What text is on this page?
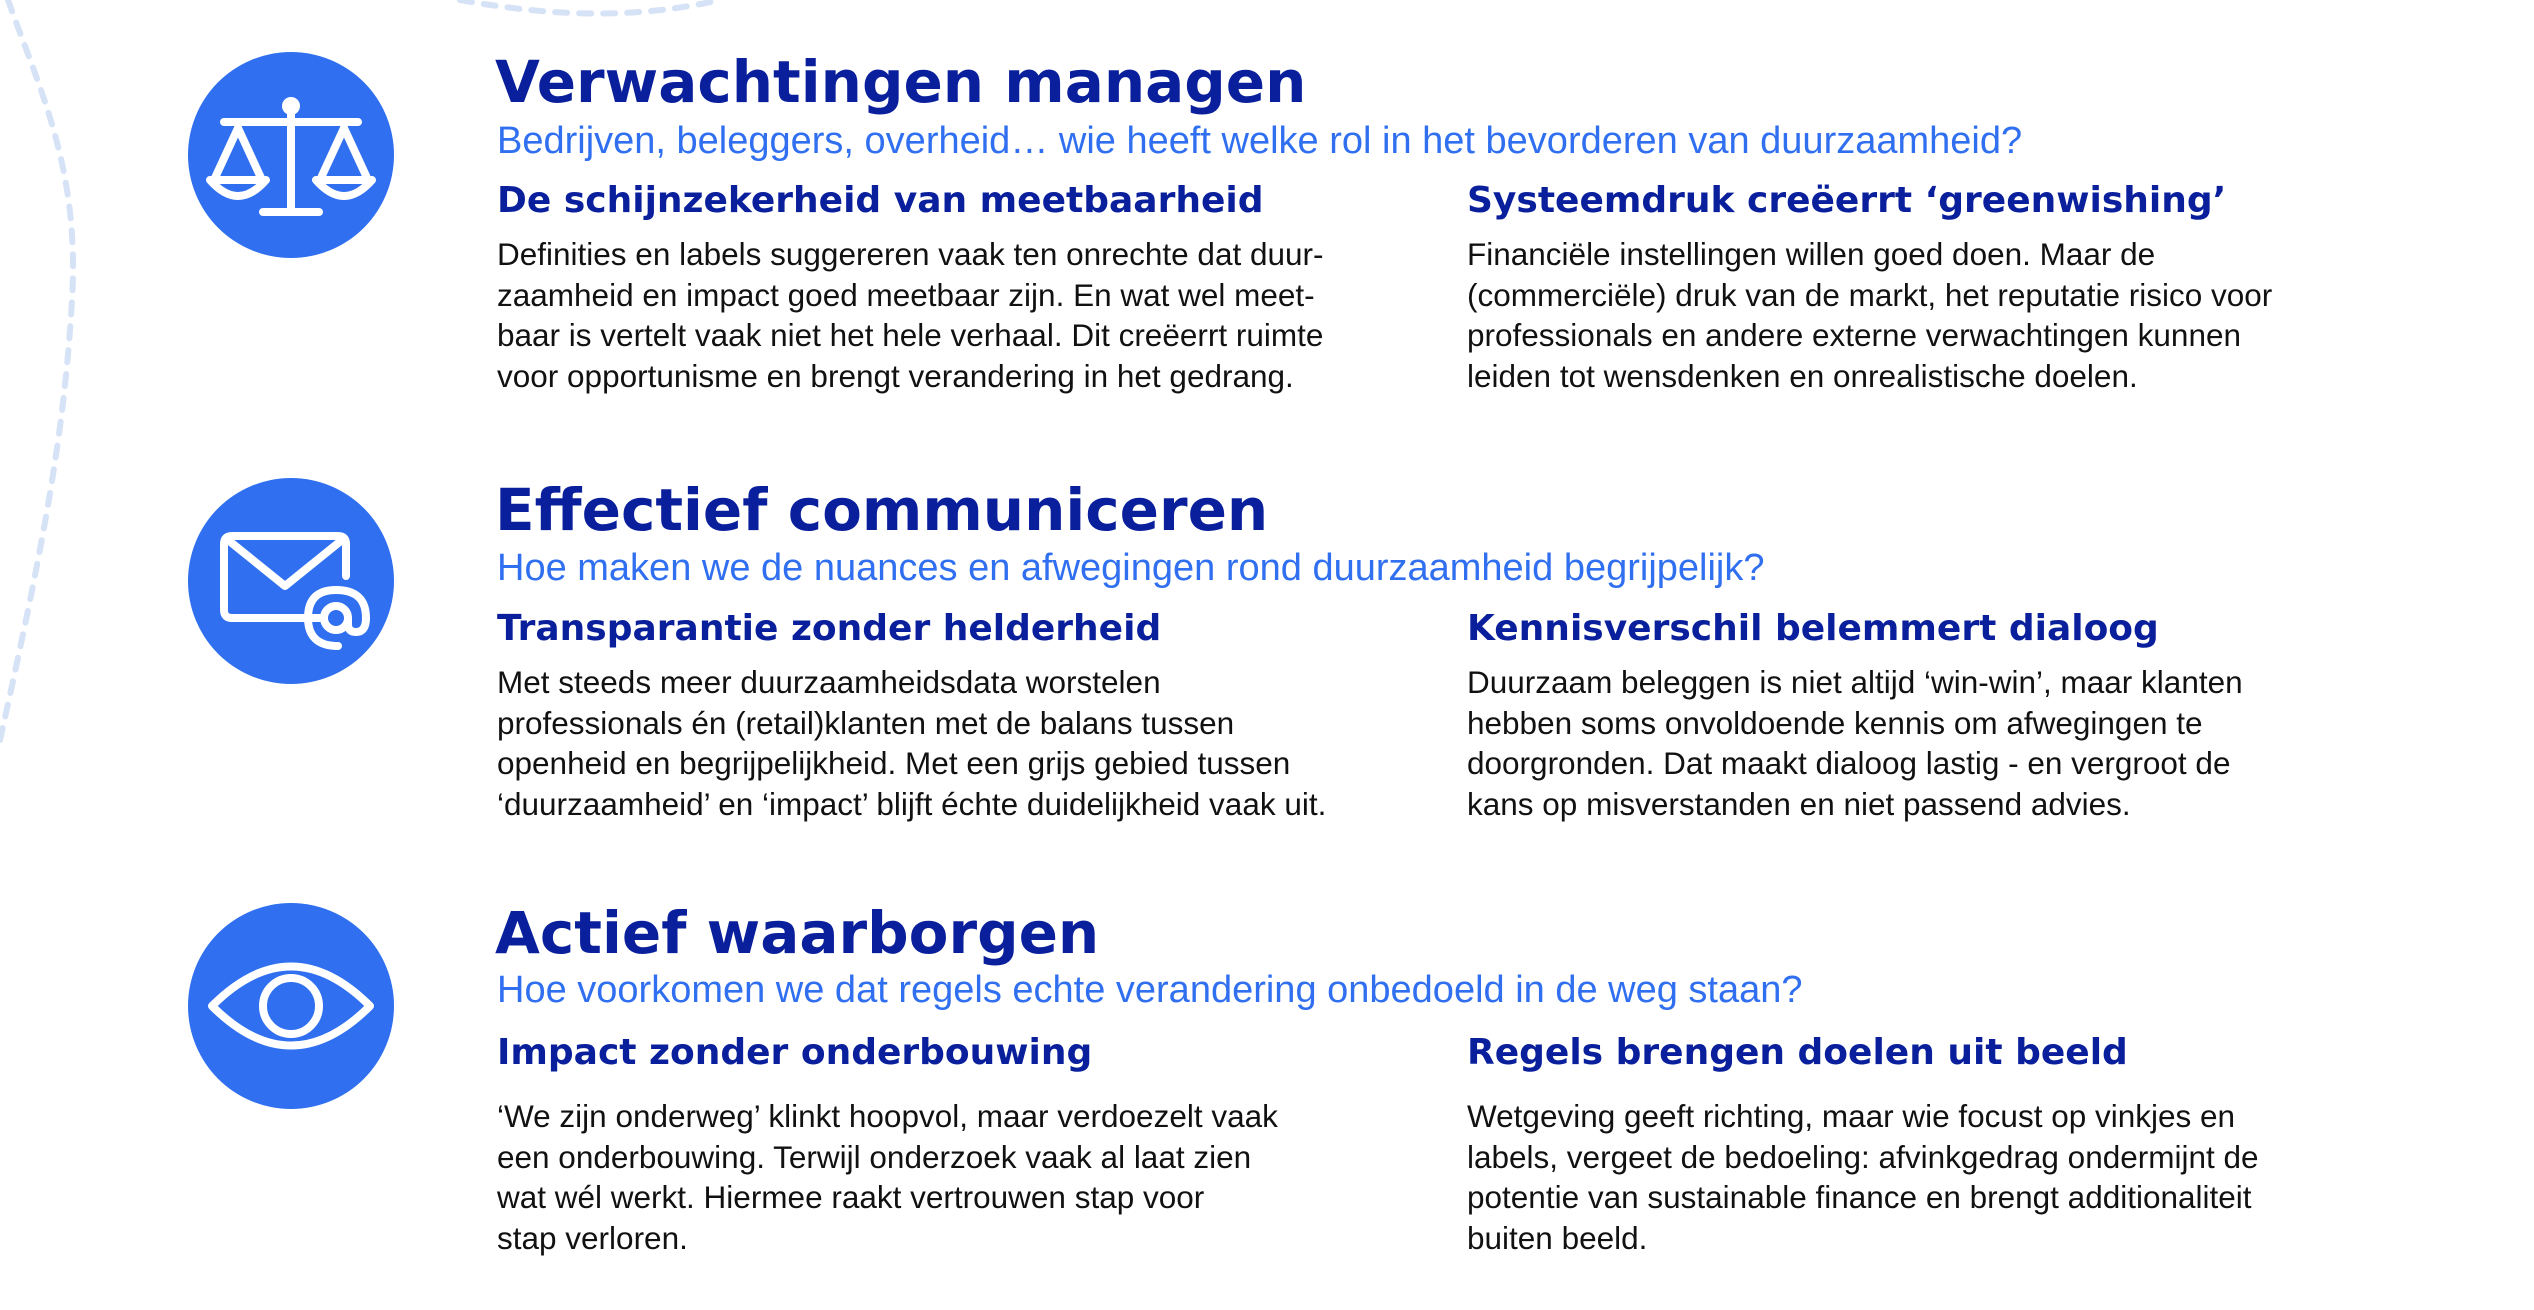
Verwachtingen managen

Bedrijven, beleggers, overheid… wie heeft welke rol in het bevorderen van duurzaamheid?

De schijnzekerheid van meetbaarheid

Definities en labels suggereren vaak ten onrechte dat duur-
zaamheid en impact goed meetbaar zijn. En wat wel meet-
baar is vertelt vaak niet het hele verhaal. Dit creëerrt ruimte
voor opportunisme en brengt verandering in het gedrang.

Systeemdruk creëerrt ‘greenwishing’

Financiële instellingen willen goed doen. Maar de
(commerciële) druk van de markt, het reputatie risico voor
professionals en andere externe verwachtingen kunnen
leiden tot wensdenken en onrealistische doelen.

Effectief communiceren

Hoe maken we de nuances en afwegingen rond duurzaamheid begrijpelijk?

Transparantie zonder helderheid

Met steeds meer duurzaamheidsdata worstelen
professionals én (retail)klanten met de balans tussen
openheid en begrijpelijkheid. Met een grijs gebied tussen
‘duurzaamheid’ en ‘impact’ blijft échte duidelijkheid vaak uit.

Kennisverschil belemmert dialoog

Duurzaam beleggen is niet altijd ‘win-win’, maar klanten
hebben soms onvoldoende kennis om afwegingen te
doorgronden. Dat maakt dialoog lastig - en vergroot de
kans op misverstanden en niet passend advies.

Actief waarborgen

Hoe voorkomen we dat regels echte verandering onbedoeld in de weg staan?

Impact zonder onderbouwing

‘We zijn onderweg’ klinkt hoopvol, maar verdoezelt vaak
een onderbouwing. Terwijl onderzoek vaak al laat zien
wat wél werkt. Hiermee raakt vertrouwen stap voor
stap verloren.

Regels brengen doelen uit beeld

Wetgeving geeft richting, maar wie focust op vinkjes en
labels, vergeet de bedoeling: afvinkgedrag ondermijnt de
potentie van sustainable finance en brengt additionaliteit
buiten beeld.
